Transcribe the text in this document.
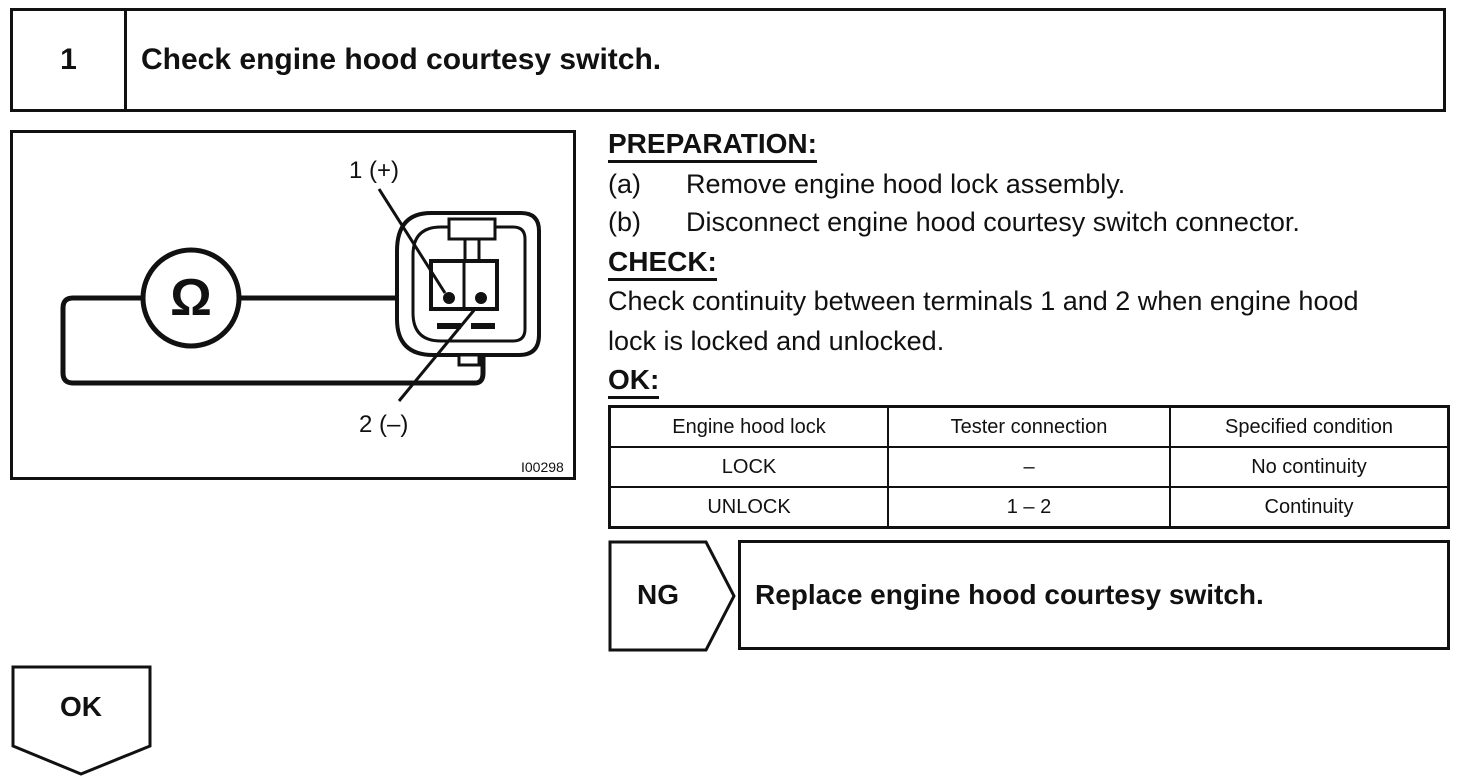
1	Check engine hood courtesy switch.
Ω
1 (+)
2 (–)
I00298
PREPARATION:
(a) Remove engine hood lock assembly.
(b) Disconnect engine hood courtesy switch connector.
CHECK:
Check continuity between terminals 1 and 2 when engine hood
lock is locked and unlocked.
OK:
Engine hood lock	Tester connection	Specified condition
LOCK	–	No continuity
UNLOCK	1 – 2	Continuity
NG	Replace engine hood courtesy switch.
OK
